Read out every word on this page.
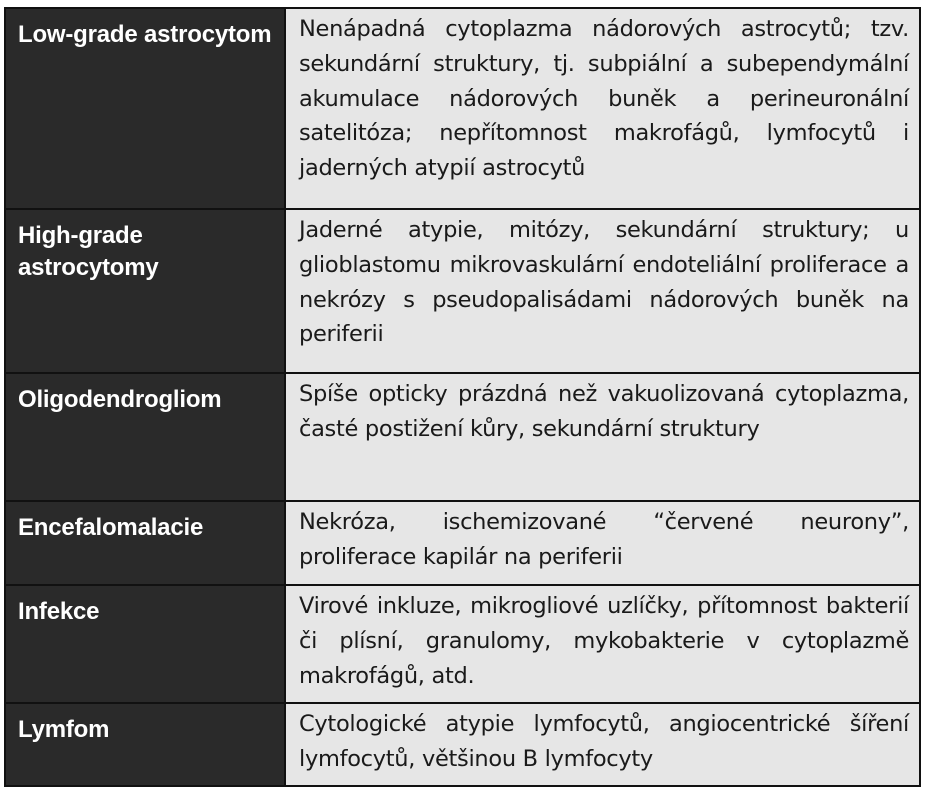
Low-grade astrocytom	Nenápadná cytoplazma nádorových astrocytů; tzv. sekundární struktury, tj. subpiální a subependymální akumulace nádorových buněk a perineuronální satelitóza; nepřítomnost makrofágů, lymfocytů i jaderných atypií astrocytů
High-grade astrocytomy	Jaderné atypie, mitózy, sekundární struktury; u glioblastomu mikrovaskulární endoteliální proliferace a nekrózy s pseudopalisádami nádorových buněk na periferii
Oligodendrogliom	Spíše opticky prázdná než vakuolizovaná cytoplazma, časté postižení kůry, sekundární struktury
Encefalomalacie	Nekróza, ischemizované “červené neurony”, proliferace kapilár na periferii
Infekce	Virové inkluze, mikrogliové uzlíčky, přítomnost bakterií či plísní, granulomy, mykobakterie v cytoplazmě makrofágů, atd.
Lymfom	Cytologické atypie lymfocytů, angiocentrické šíření lymfocytů, většinou B lymfocyty
